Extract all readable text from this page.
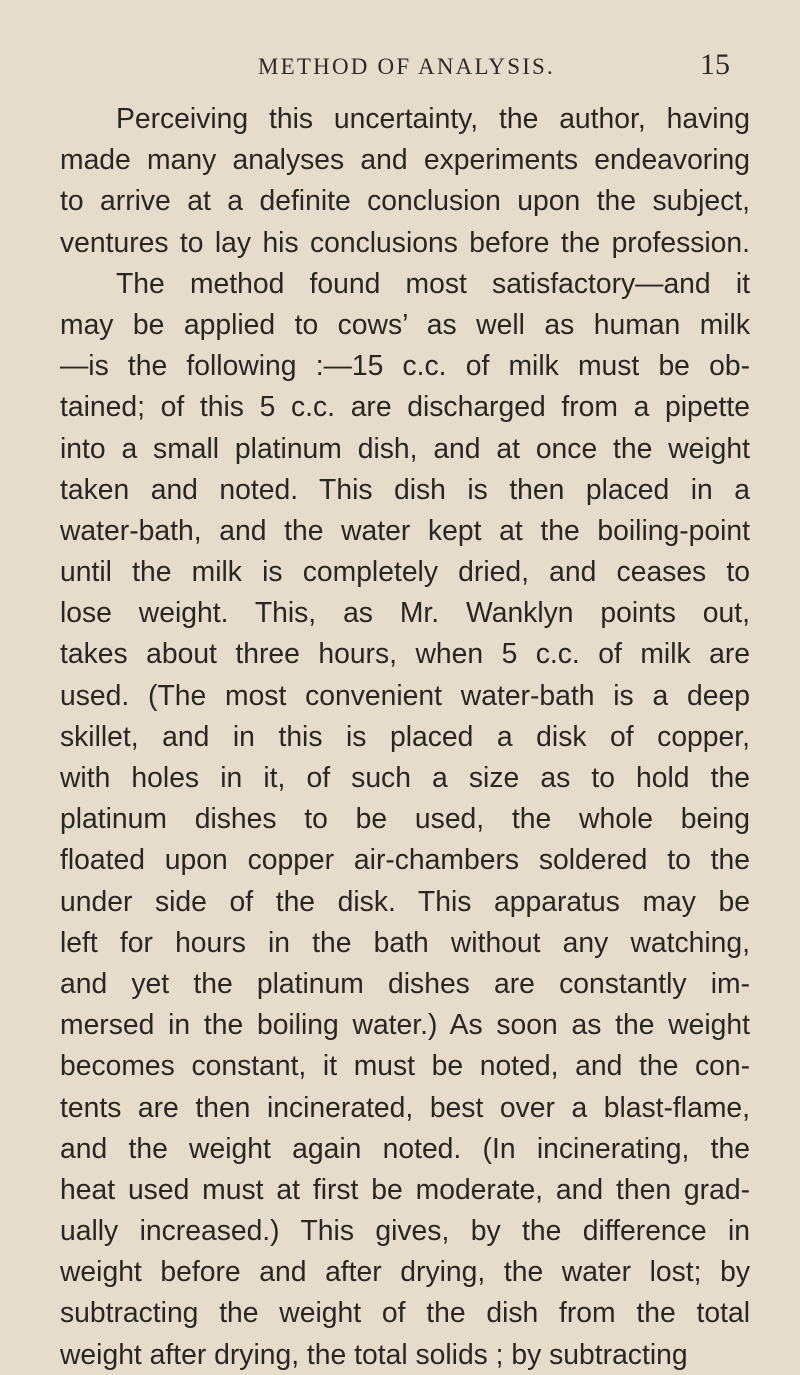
METHOD OF ANALYSIS.	15
Perceiving this uncertainty, the author, having
made many analyses and experiments endeavoring
to arrive at a definite conclusion upon the subject,
ventures to lay his conclusions before the profession.
The method found most satisfactory—and it
may be applied to cows’ as well as human milk
—is the following :—15 c.c. of milk must be ob-
tained; of this 5 c.c. are discharged from a pipette
into a small platinum dish, and at once the weight
taken and noted. This dish is then placed in a
water-bath, and the water kept at the boiling-point
until the milk is completely dried, and ceases to
lose weight. This, as Mr. Wanklyn points out,
takes about three hours, when 5 c.c. of milk are
used. (The most convenient water-bath is a deep
skillet, and in this is placed a disk of copper,
with holes in it, of such a size as to hold the
platinum dishes to be used, the whole being
floated upon copper air-chambers soldered to the
under side of the disk. This apparatus may be
left for hours in the bath without any watching,
and yet the platinum dishes are constantly im-
mersed in the boiling water.) As soon as the weight
becomes constant, it must be noted, and the con-
tents are then incinerated, best over a blast-flame,
and the weight again noted. (In incinerating, the
heat used must at first be moderate, and then grad-
ually increased.) This gives, by the difference in
weight before and after drying, the water lost; by
subtracting the weight of the dish from the total
weight after drying, the total solids ; by subtracting
